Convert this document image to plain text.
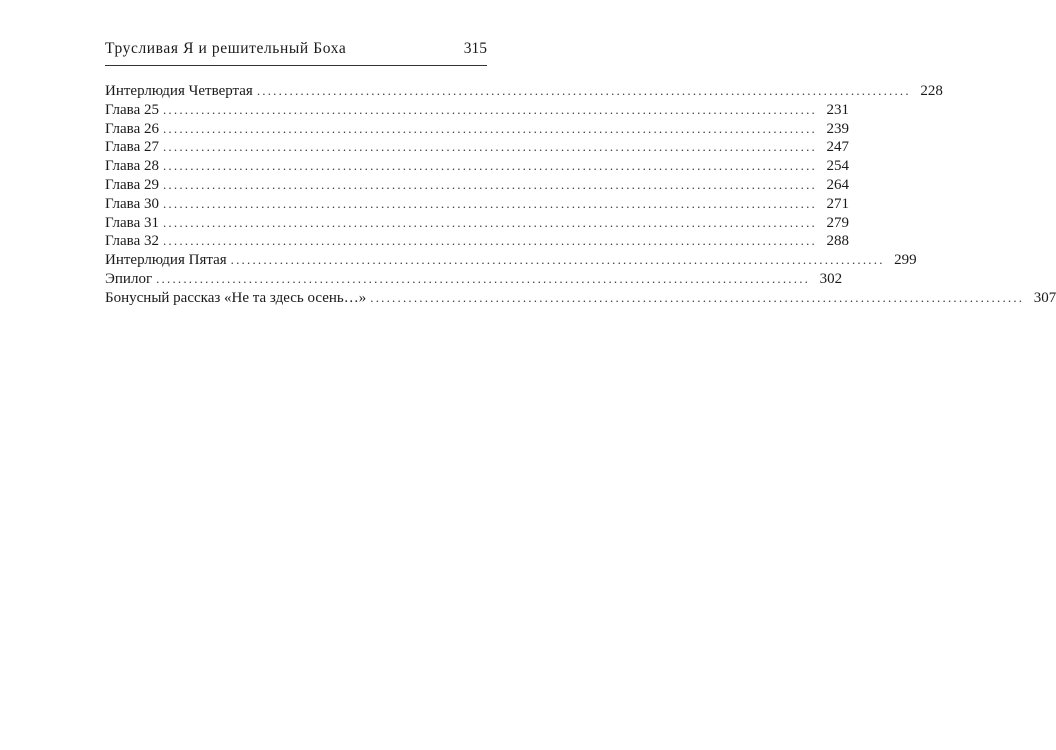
Трусливая Я и решительный Боха	315
Интерлюдия Четвертая ........................................................................................................................ 228
Глава 25 ........................................................................................................................ 231
Глава 26 ........................................................................................................................ 239
Глава 27 ........................................................................................................................ 247
Глава 28 ........................................................................................................................ 254
Глава 29 ........................................................................................................................ 264
Глава 30 ........................................................................................................................ 271
Глава 31 ........................................................................................................................ 279
Глава 32 ........................................................................................................................ 288
Интерлюдия Пятая ........................................................................................................................ 299
Эпилог ........................................................................................................................ 302
Бонусный рассказ «Не та здесь осень…» ........................................................................................................................ 307
